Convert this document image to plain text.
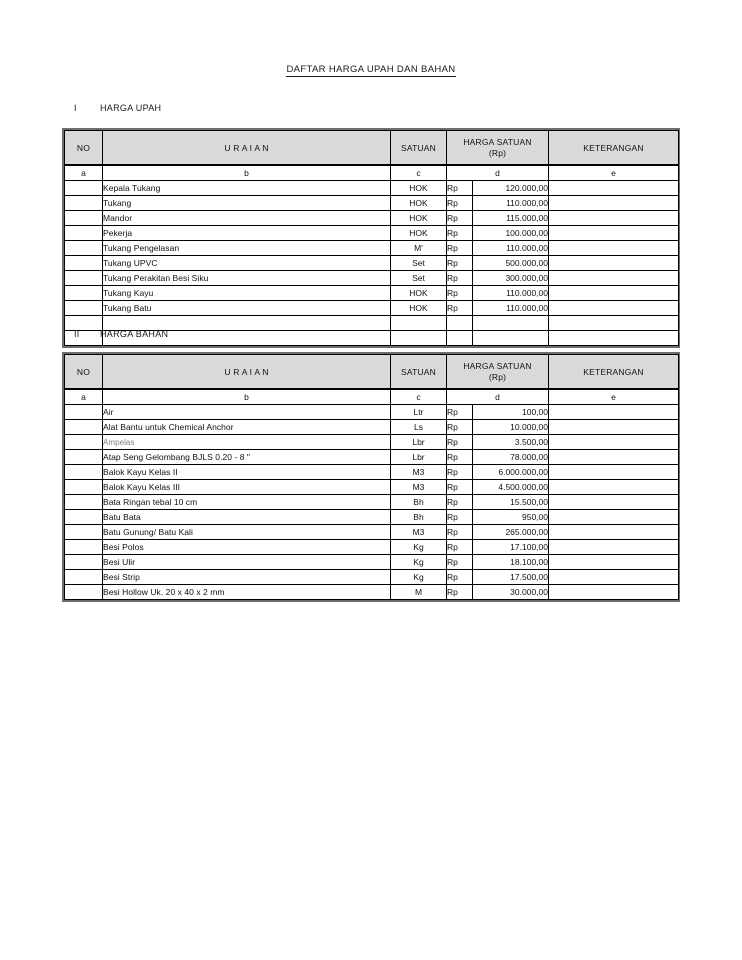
DAFTAR HARGA UPAH DAN BAHAN
I	HARGA UPAH
NO	U R A I A N	SATUAN	HARGA SATUAN
(Rp)		KETERANGAN
a	b	c	d		e
	Kepala Tukang	HOK	Rp	120.000,00	
	Tukang	HOK	Rp	110.000,00	
	Mandor	HOK	Rp	115.000,00	
	Pekerja	HOK	Rp	100.000,00	
	Tukang Pengelasan	M'	Rp	110.000,00	
	Tukang UPVC	Set	Rp	500.000,00	
	Tukang Perakitan Besi Siku	Set	Rp	300.000,00	
	Tukang Kayu	HOK	Rp	110.000,00	
	Tukang Batu	HOK	Rp	110.000,00	

II HARGA BAHAN
NO	U R A I A N	SATUAN	HARGA SATUAN
(Rp)		KETERANGAN
a	b	c	d		e
	Air	Ltr	Rp	100,00	
	Alat Bantu untuk Chemical Anchor	Ls	Rp	10.000,00	
	Ampelas	Lbr	Rp	3.500,00	
	Atap Seng Gelombang BJLS 0.20 - 8 "	Lbr	Rp	78.000,00	
	Balok Kayu Kelas II	M3	Rp	6.000.000,00	
	Balok Kayu Kelas III	M3	Rp	4.500.000,00	
	Bata Ringan tebal 10 cm	Bh	Rp	15.500,00	
	Batu Bata	Bh	Rp	950,00	
	Batu Gunung/ Batu Kali	M3	Rp	265.000,00	
	Besi Polos	Kg	Rp	17.100,00	
	Besi Ulir	Kg	Rp	18.100,00	
	Besi Strip	Kg	Rp	17.500,00	
	Besi Hollow Uk. 20 x 40 x 2 mm	M	Rp	30.000,00	
